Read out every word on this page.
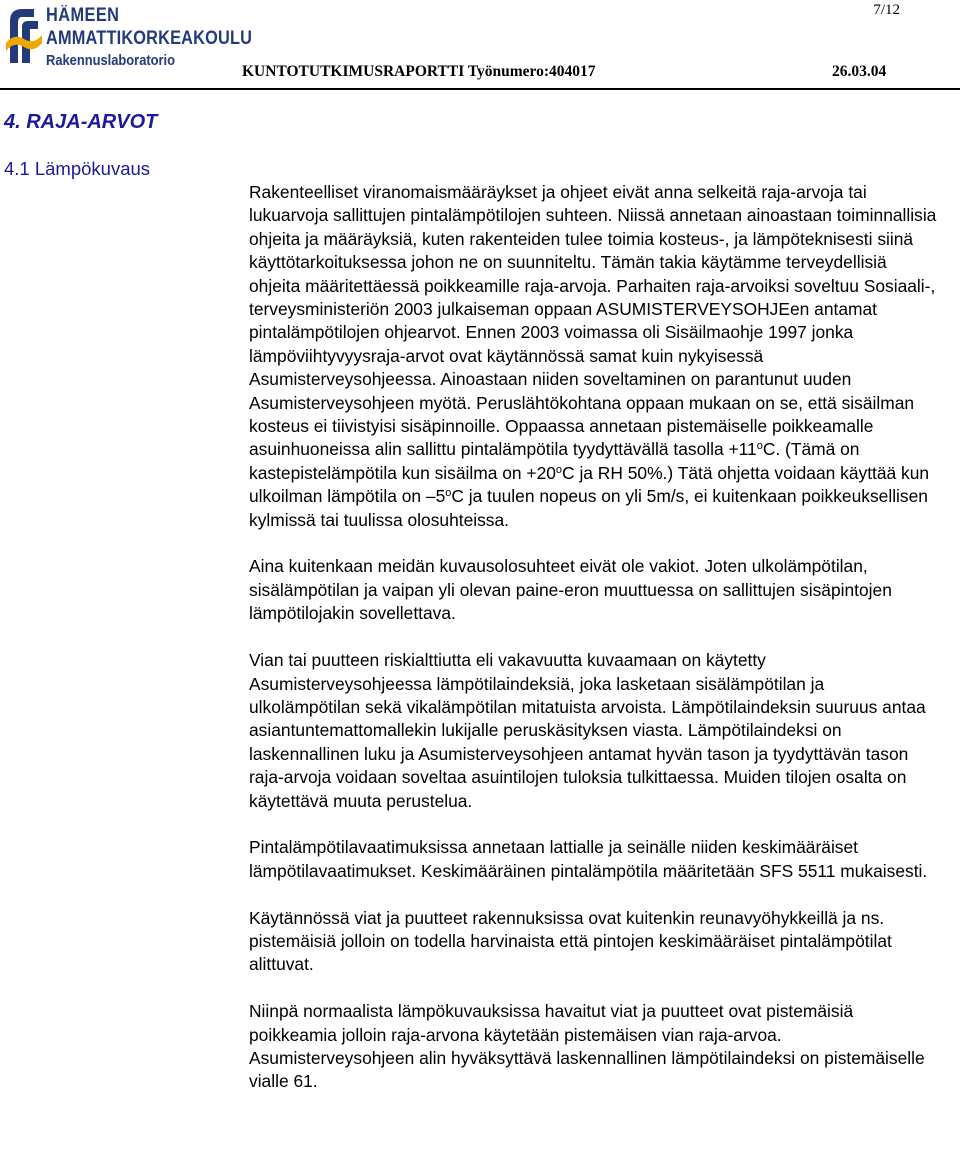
HÄMEEN
AMMATTIKORKEAKOULU
Rakennuslaboratorio
7/12
KUNTOTUTKIMUSRAPORTTI Työnumero:404017	26.03.04
4. RAJA-ARVOT
4.1 Lämpökuvaus

Rakenteelliset viranomaismääräykset ja ohjeet eivät anna selkeitä raja-arvoja tai lukuarvoja sallittujen pintalämpötilojen suhteen. Niissä annetaan ainoastaan toiminnallisia ohjeita ja määräyksiä, kuten rakenteiden tulee toimia kosteus-, ja lämpöteknisesti siinä käyttötarkoituksessa johon ne on suunniteltu. Tämän takia käytämme terveydellisiä ohjeita määritettäessä poikkeamille raja-arvoja. Parhaiten raja-arvoiksi soveltuu Sosiaali-, terveysministeriön 2003 julkaiseman oppaan ASUMISTERVEYSOHJEen antamat pintalämpötilojen ohjearvot. Ennen 2003 voimassa oli Sisäilmaohje 1997 jonka lämpöviihtyvyysraja-arvot ovat käytännössä samat kuin nykyisessä Asumisterveysohjeessa. Ainoastaan niiden soveltaminen on parantunut uuden Asumisterveysohjeen myötä. Peruslähtökohtana oppaan mukaan on se, että sisäilman kosteus ei tiivistyisi sisäpinnoille. Oppaassa annetaan pistemäiselle poikkeamalle asuinhuoneissa alin sallittu pintalämpötila tyydyttävällä tasolla $+11^oC$. (Tämä on kastepistelämpötila kun sisäilma on $+20^oC$ ja RH 50%.) Tätä ohjetta voidaan käyttää kun ulkoilman lämpötila on –5$^o$C ja tuulen nopeus on yli 5m/s, ei kuitenkaan poikkeuksellisen kylmissä tai tuulissa olosuhteissa.

Aina kuitenkaan meidän kuvausolosuhteet eivät ole vakiot. Joten ulkolämpötilan, sisälämpötilan ja vaipan yli olevan paine-eron muuttuessa on sallittujen sisäpintojen lämpötilojakin sovellettava.

Vian tai puutteen riskialttiutta eli vakavuutta kuvaamaan on käytetty Asumisterveysohjeessa lämpötilaindeksiä, joka lasketaan sisälämpötilan ja ulkolämpötilan sekä vikalämpötilan mitatuista arvoista. Lämpötilaindeksin suuruus antaa asiantuntemattomallekin lukijalle peruskäsityksen viasta. Lämpötilaindeksi on laskennallinen luku ja Asumisterveysohjeen antamat hyvän tason ja tyydyttävän tason raja-arvoja voidaan soveltaa asuintilojen tuloksia tulkittaessa. Muiden tilojen osalta on käytettävä muuta perustelua.

Pintalämpötilavaatimuksissa annetaan lattialle ja seinälle niiden keskimääräiset lämpötilavaatimukset. Keskimääräinen pintalämpötila määritetään SFS 5511 mukaisesti.

Käytännössä viat ja puutteet rakennuksissa ovat kuitenkin reunavyöhykkeillä ja ns. pistemäisiä jolloin on todella harvinaista että pintojen keskimääräiset pintalämpötilat alittuvat.

Niinpä normaalista lämpökuvauksissa havaitut viat ja puutteet ovat pistemäisiä poikkeamia jolloin raja-arvona käytetään pistemäisen vian raja-arvoa. Asumisterveysohjeen alin hyväksyttävä laskennallinen lämpötilaindeksi on pistemäiselle vialle 61.
